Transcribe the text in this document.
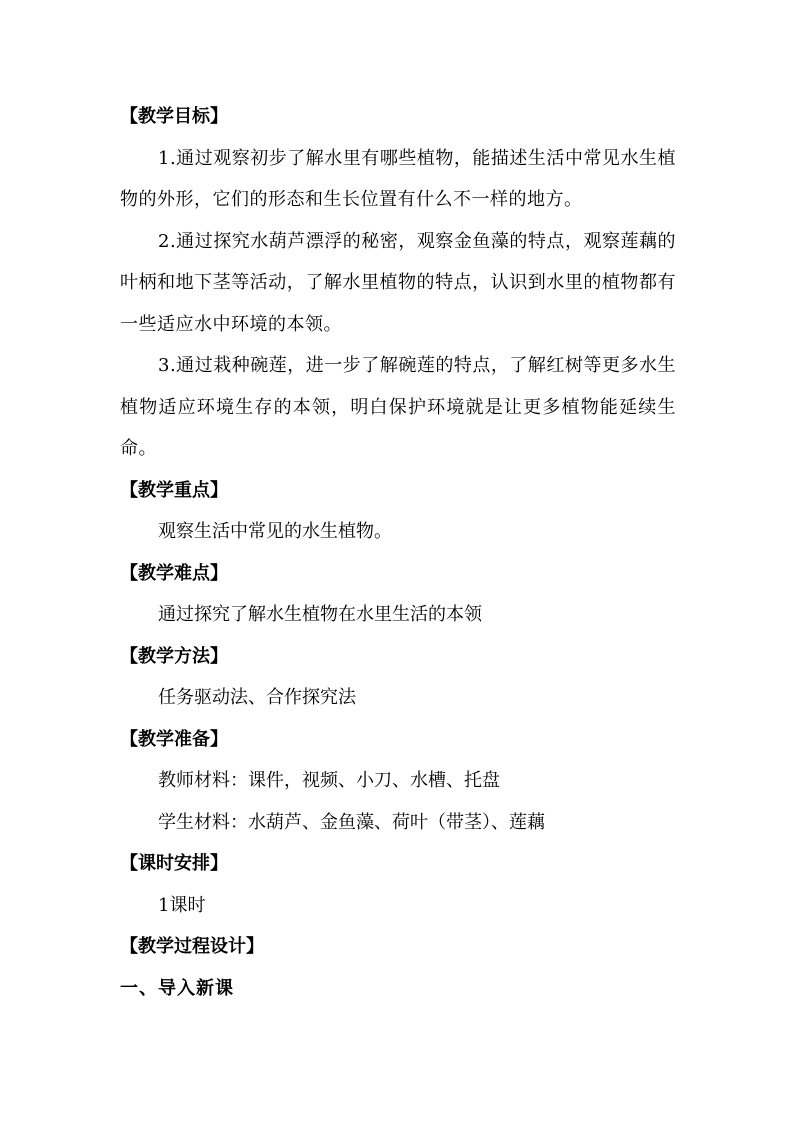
【教学目标】
1.通过观察初步了解水里有哪些植物，能描述生活中常见水生植物的外形，它们的形态和生长位置有什么不一样的地方。
2.通过探究水葫芦漂浮的秘密，观察金鱼藻的特点，观察莲藕的叶柄和地下茎等活动，了解水里植物的特点，认识到水里的植物都有一些适应水中环境的本领。
3.通过栽种碗莲，进一步了解碗莲的特点，了解红树等更多水生植物适应环境生存的本领，明白保护环境就是让更多植物能延续生命。
【教学重点】
观察生活中常见的水生植物。
【教学难点】
通过探究了解水生植物在水里生活的本领
【教学方法】
任务驱动法、合作探究法
【教学准备】
教师材料：课件，视频、小刀、水槽、托盘
学生材料：水葫芦、金鱼藻、荷叶（带茎）、莲藕
【课时安排】
1课时
【教学过程设计】
一、导入新课
